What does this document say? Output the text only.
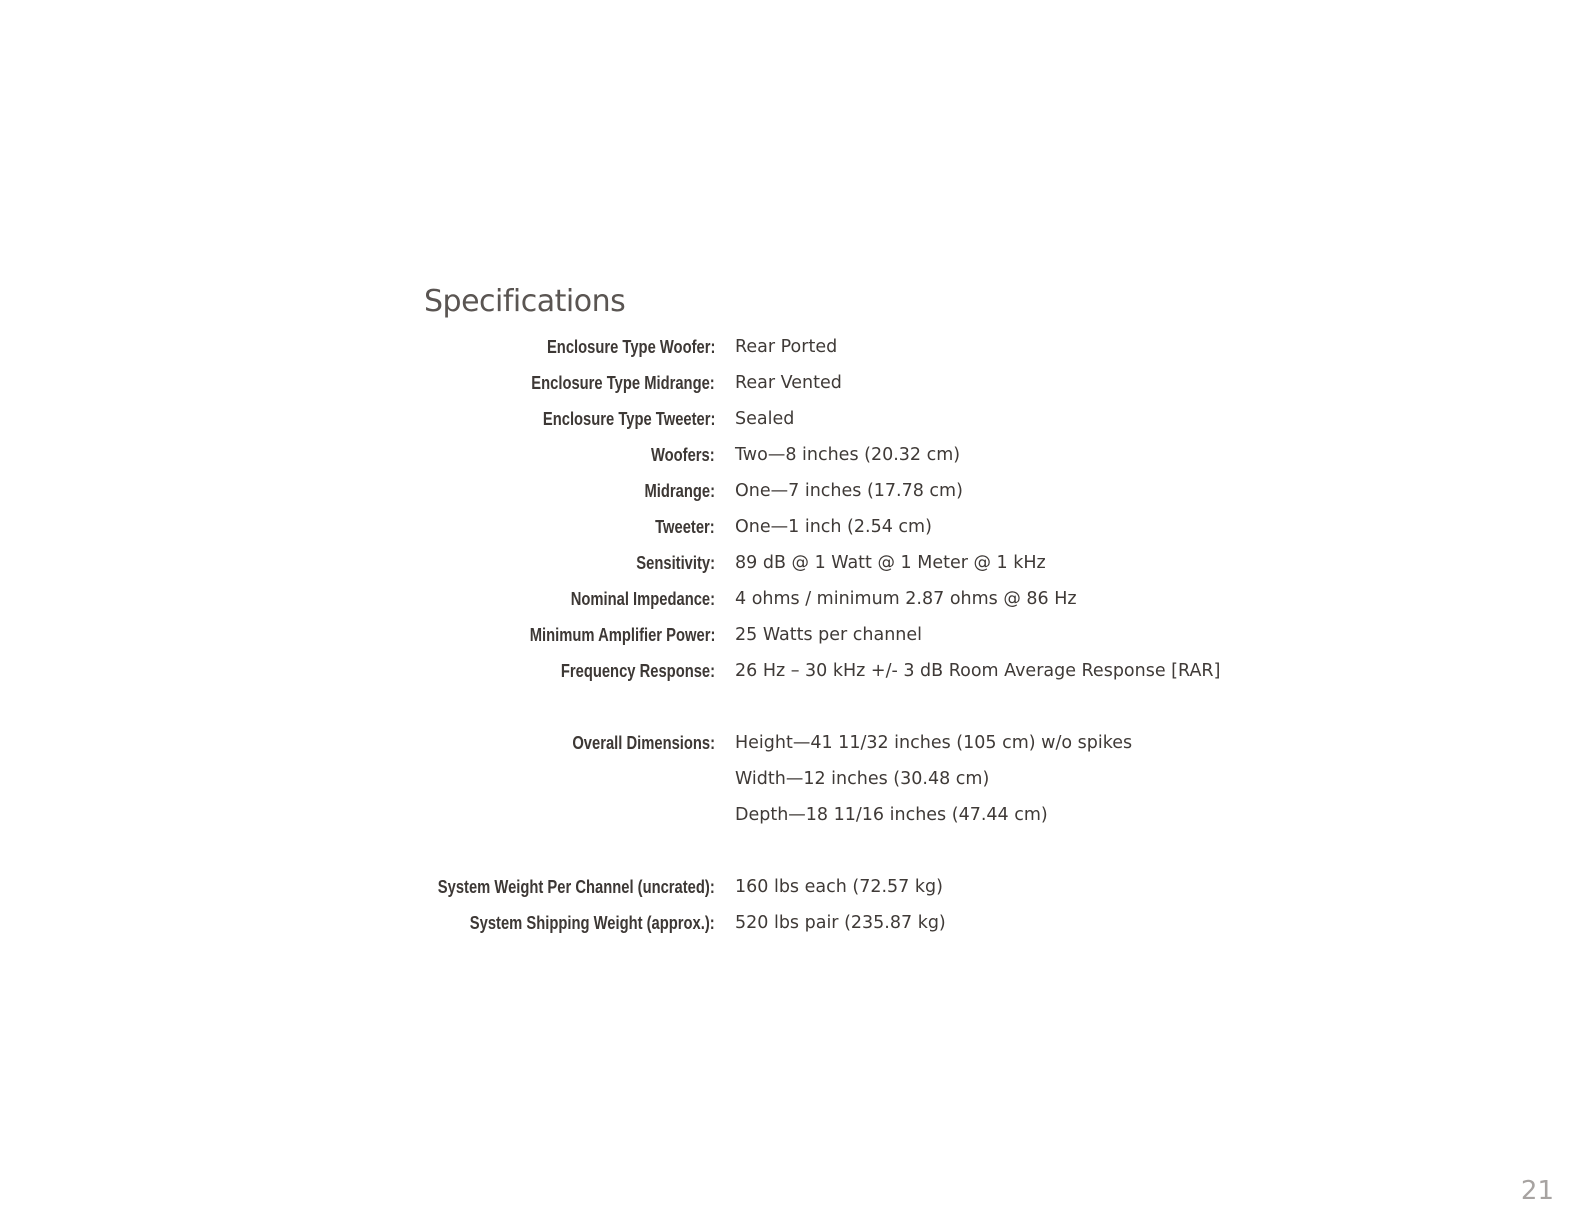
Specifications
Enclosure Type Woofer: Rear Ported
Enclosure Type Midrange: Rear Vented
Enclosure Type Tweeter: Sealed
Woofers: Two—8 inches (20.32 cm)
Midrange: One—7 inches (17.78 cm)
Tweeter: One—1 inch (2.54 cm)
Sensitivity: 89 dB @ 1 Watt @ 1 Meter @ 1 kHz
Nominal Impedance: 4 ohms / minimum 2.87 ohms @ 86 Hz
Minimum Amplifier Power: 25 Watts per channel
Frequency Response: 26 Hz – 30 kHz +/- 3 dB Room Average Response [RAR]
Overall Dimensions: Height—41 11/32 inches (105 cm) w/o spikes
Width—12 inches (30.48 cm)
Depth—18 11/16 inches (47.44 cm)
System Weight Per Channel (uncrated): 160 lbs each (72.57 kg)
System Shipping Weight (approx.): 520 lbs pair (235.87 kg)
21
